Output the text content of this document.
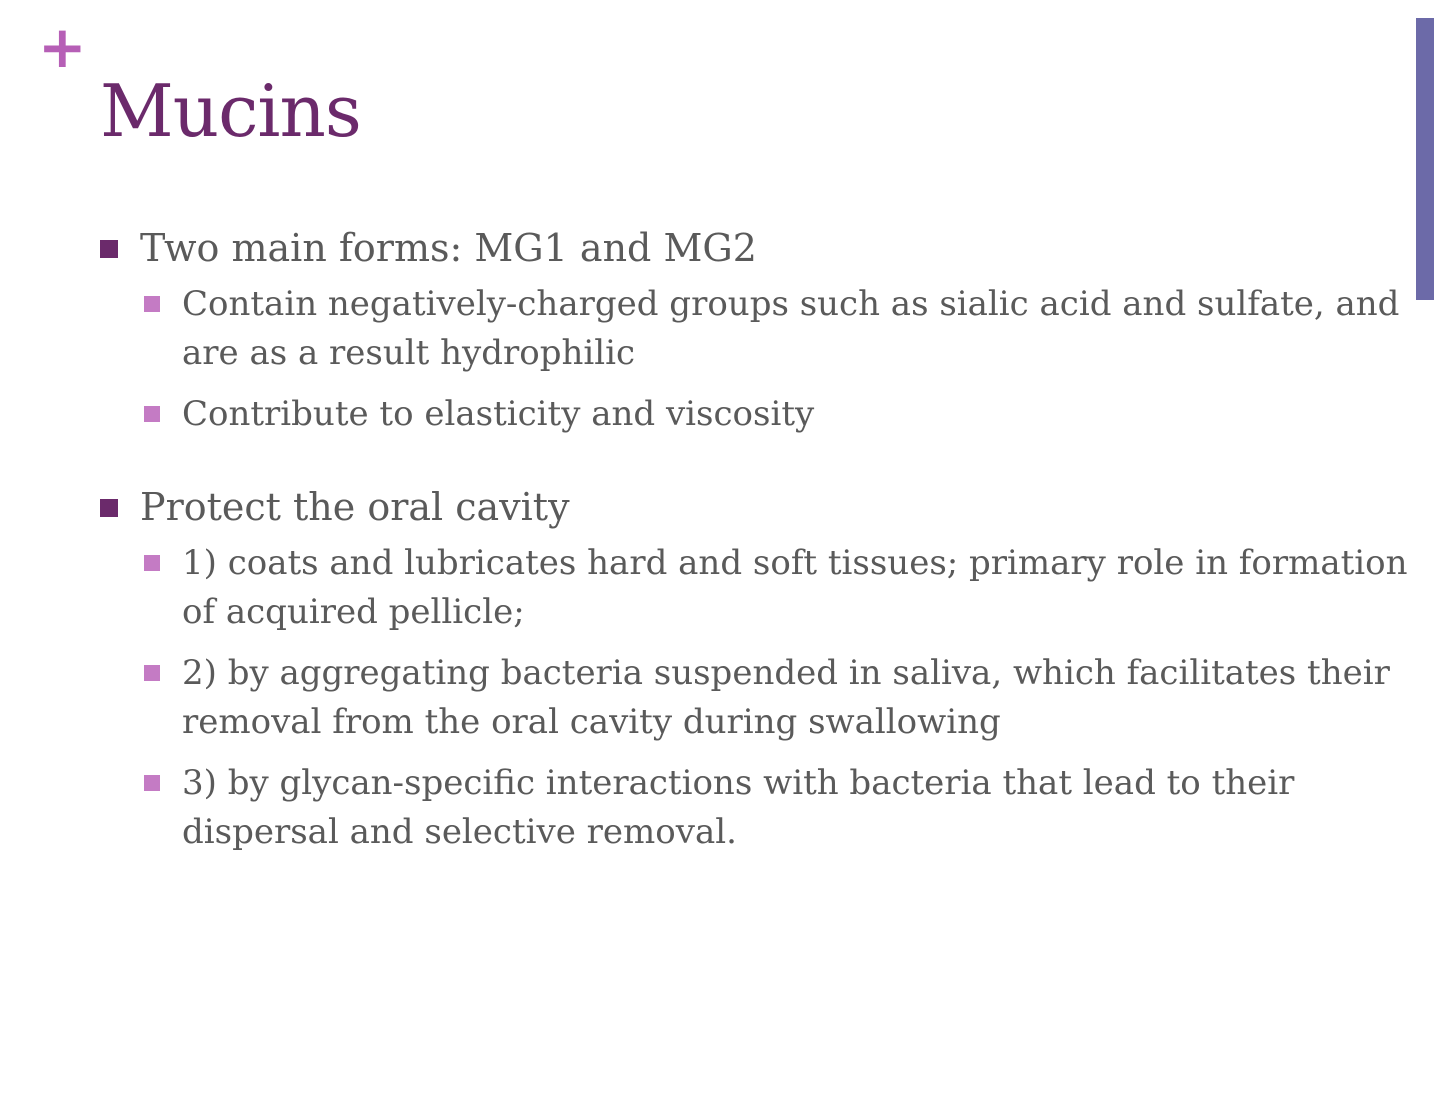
+
Mucins
Two main forms: MG1 and MG2
Contain negatively-charged groups such as sialic acid and sulfate, and are as a result hydrophilic
Contribute to elasticity and viscosity
Protect the oral cavity
1) coats and lubricates hard and soft tissues; primary role in formation of acquired pellicle;
2) by aggregating bacteria suspended in saliva, which facilitates their removal from the oral cavity during swallowing
3) by glycan-specific interactions with bacteria that lead to their dispersal and selective removal.
